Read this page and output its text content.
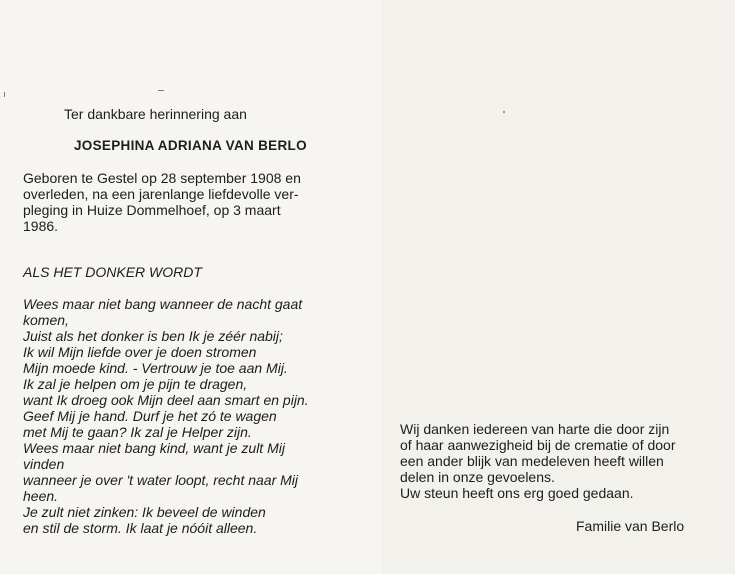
Ter dankbare herinnering aan
JOSEPHINA ADRIANA VAN BERLO
Geboren te Gestel op 28 september 1908 en
overleden, na een jarenlange liefdevolle ver-
pleging in Huize Dommelhoef, op 3 maart
1986.
ALS HET DONKER WORDT
Wees maar niet bang wanneer de nacht gaat
komen,
Juist als het donker is ben Ik je zéér nabij;
Ik wil Mijn liefde over je doen stromen
Mijn moede kind. - Vertrouw je toe aan Mij.
Ik zal je helpen om je pijn te dragen,
want Ik droeg ook Mijn deel aan smart en pijn.
Geef Mij je hand. Durf je het zó te wagen
met Mij te gaan? Ik zal je Helper zijn.
Wees maar niet bang kind, want je zult Mij
vinden
wanneer je over 't water loopt, recht naar Mij
heen.
Je zult niet zinken: Ik beveel de winden
en stil de storm. Ik laat je nóóit alleen.
Wij danken iedereen van harte die door zijn
of haar aanwezigheid bij de crematie of door
een ander blijk van medeleven heeft willen
delen in onze gevoelens.
Uw steun heeft ons erg goed gedaan.
Familie van Berlo
